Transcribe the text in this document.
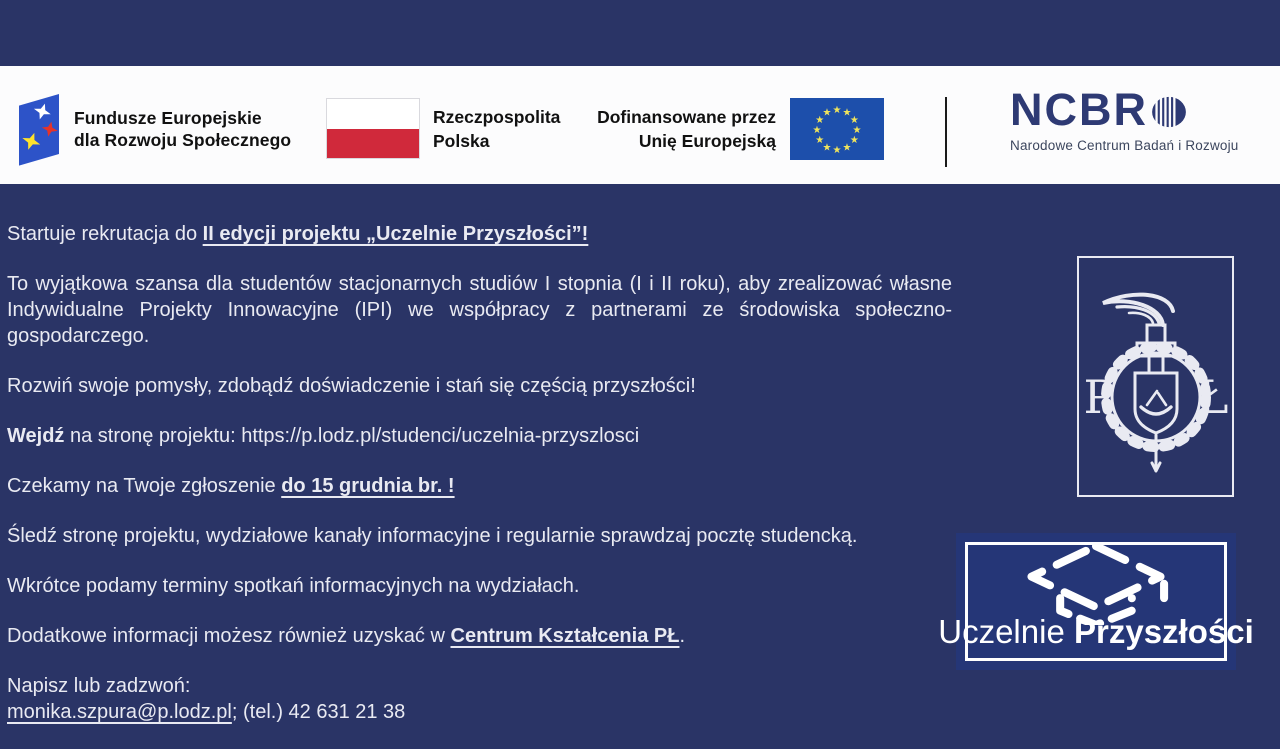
Fundusze Europejskie
dla Rozwoju Społecznego
Rzeczpospolita
Polska
Dofinansowane przez
Unię Europejską
★ ★
★
★
★
★
★
★
★
★
★
★	NCBR
Narodowe Centrum Badań i Rozwoju

Startuje rekrutacja do II edycji projektu „Uczelnie Przyszłości”!

To wyjątkowa szansa dla studentów stacjonarnych studiów I stopnia (I i II roku), aby zrealizować własne Indywidualne Projekty Innowacyjne (IPI) we współpracy z partnerami ze środowiska społeczno-gospodarczego.

Rozwiń swoje pomysły, zdobądź doświadczenie i stań się częścią przyszłości!

Wejdź na stronę projektu: https://p.lodz.pl/studenci/uczelnia-przyszlosci

Czekamy na Twoje zgłoszenie do 15 grudnia br. !

Śledź stronę projektu, wydziałowe kanały informacyjne i regularnie sprawdzaj pocztę studencką.

Wkrótce podamy terminy spotkań informacyjnych na wydziałach.

Dodatkowe informacji możesz również uzyskać w Centrum Kształcenia PŁ.

Napisz lub zadzwoń:
monika.szpura@p.lodz.pl; (tel.) 42 631 21 38

P Ł
Uczelnie Przyszłości
